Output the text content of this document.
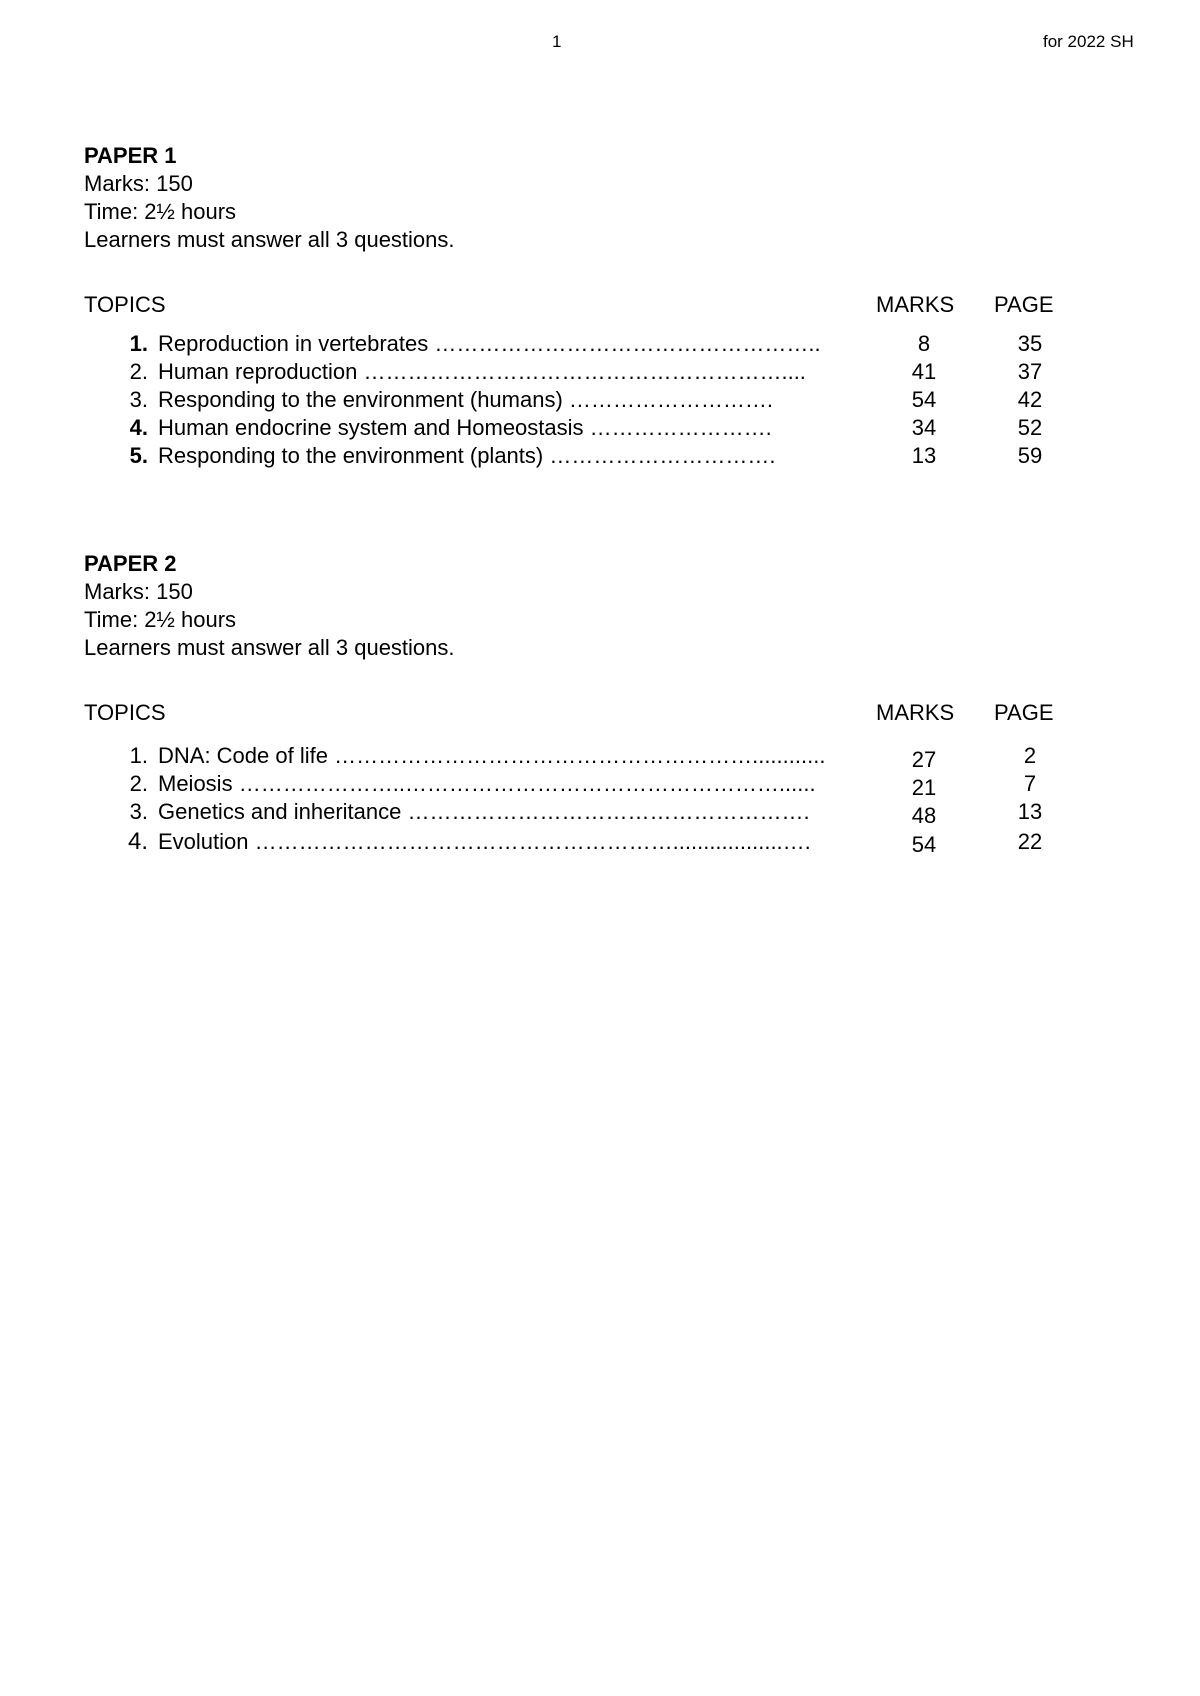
1	for 2022 SH
PAPER 1
Marks: 150
Time: 2½ hours
Learners must answer all 3 questions.
TOPICS	MARKS PAGE
1. Reproduction in vertebrates ……………………………………………..	8	35
2. Human reproduction …………………………………………………....	41	37
3. Responding to the environment (humans) ……………………….	54	42
4. Human endocrine system and Homeostasis …………………….	34	52
5. Responding to the environment (plants) ………………………….	13	59
PAPER 2
Marks: 150
Time: 2½ hours
Learners must answer all 3 questions.
TOPICS	MARKS PAGE
1. DNA: Code of life …………………………………………………............	27	2
2. Meiosis …………………..……………………………………………......	21	7
3. Genetics and inheritance ……………………………………………….	48	13
4. Evolution …………………………………………………..................….	54	22
